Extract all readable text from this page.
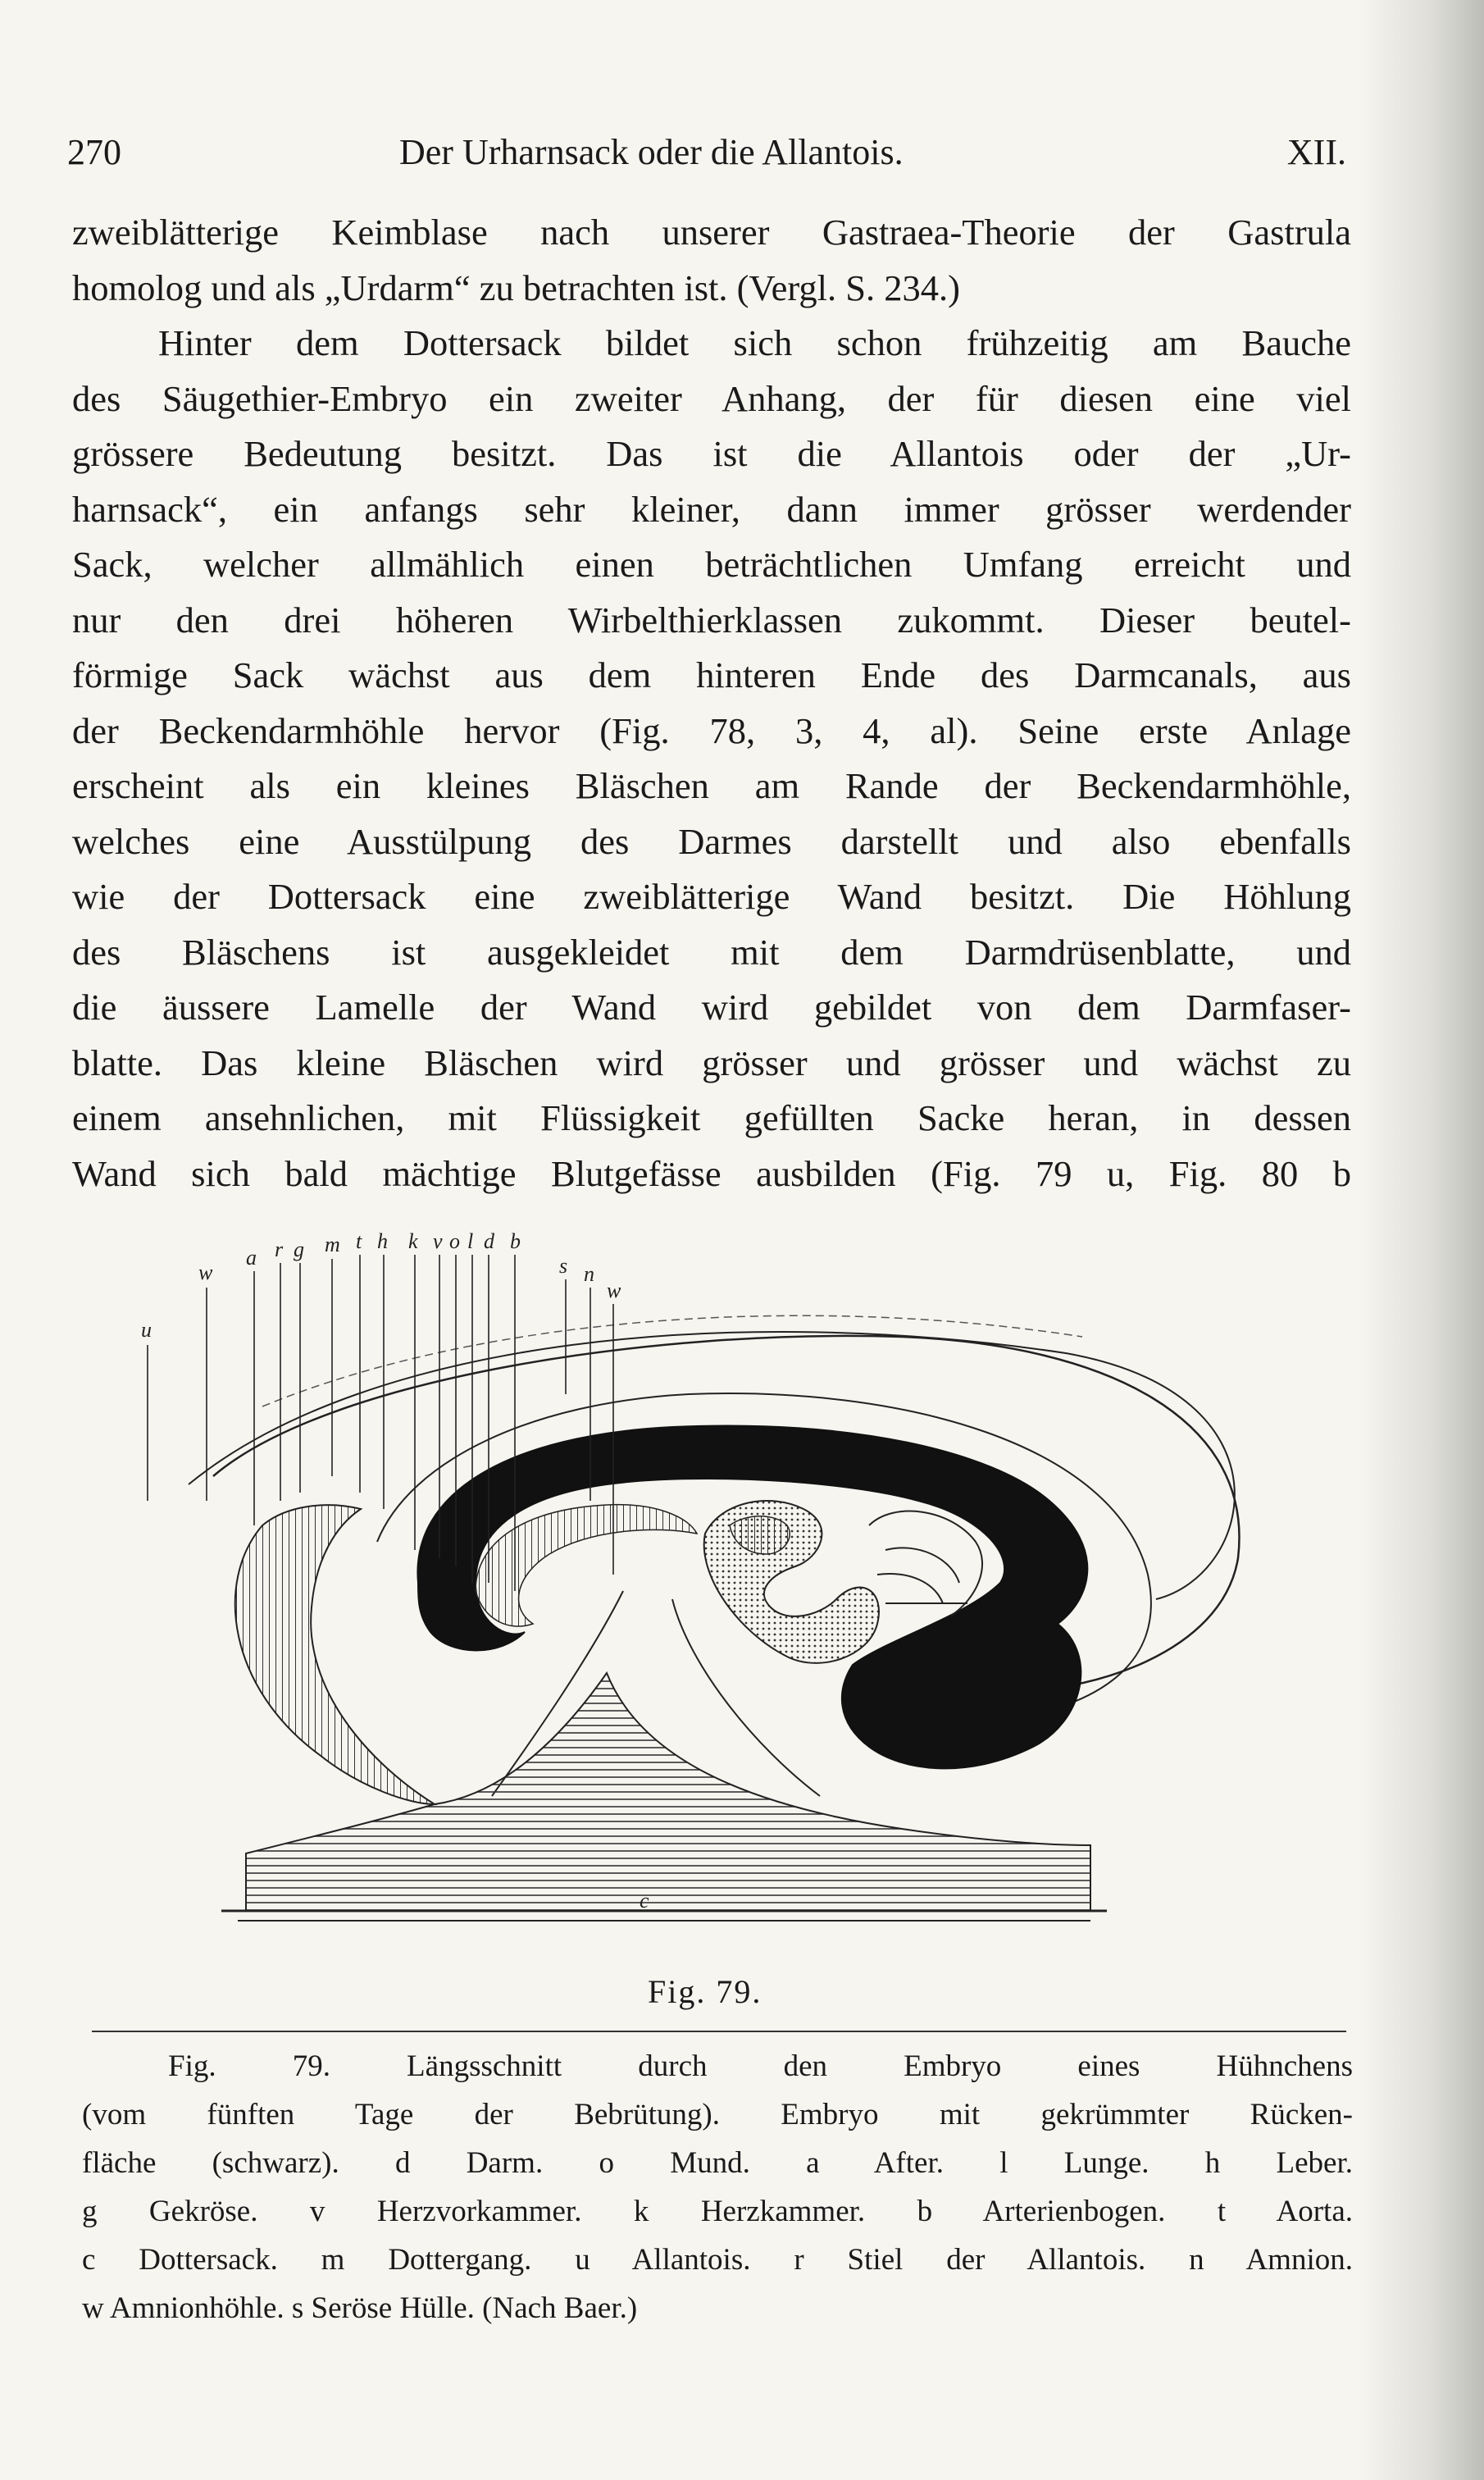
270	Der Urharnsack oder die Allantois.	XII.
zweiblätterige Keimblase nach unserer Gastraea-Theorie der Gastrula
homolog und als „Urdarm“ zu betrachten ist. (Vergl. S. 234.)
Hinter dem Dottersack bildet sich schon frühzeitig am Bauche
des Säugethier-Embryo ein zweiter Anhang, der für diesen eine viel
grössere Bedeutung besitzt. Das ist die Allantois oder der „Ur-
harnsack“, ein anfangs sehr kleiner, dann immer grösser werdender
Sack, welcher allmählich einen beträchtlichen Umfang erreicht und
nur den drei höheren Wirbelthierklassen zukommt. Dieser beutel-
förmige Sack wächst aus dem hinteren Ende des Darmcanals, aus
der Beckendarmhöhle hervor (Fig. 78, 3, 4, al). Seine erste Anlage
erscheint als ein kleines Bläschen am Rande der Beckendarmhöhle,
welches eine Ausstülpung des Darmes darstellt und also ebenfalls
wie der Dottersack eine zweiblätterige Wand besitzt. Die Höhlung
des Bläschens ist ausgekleidet mit dem Darmdrüsenblatte, und
die äussere Lamelle der Wand wird gebildet von dem Darmfaser-
blatte. Das kleine Bläschen wird grösser und grösser und wächst zu
einem ansehnlichen, mit Flüssigkeit gefüllten Sacke heran, in dessen
Wand sich bald mächtige Blutgefässe ausbilden (Fig. 79 u, Fig. 80 b
u
w
a r g m t h k v o l d b
s n
w
c
Fig. 79.
Fig. 79. Längsschnitt durch den Embryo eines Hühnchens
(vom fünften Tage der Bebrütung). Embryo mit gekrümmter Rücken-
fläche (schwarz). d Darm. o Mund. a After. l Lunge. h Leber.
g Gekröse. v Herzvorkammer. k Herzkammer. b Arterienbogen. t Aorta.
c Dottersack. m Dottergang. u Allantois. r Stiel der Allantois. n Amnion.
w Amnionhöhle. s Seröse Hülle. (Nach Baer.)
